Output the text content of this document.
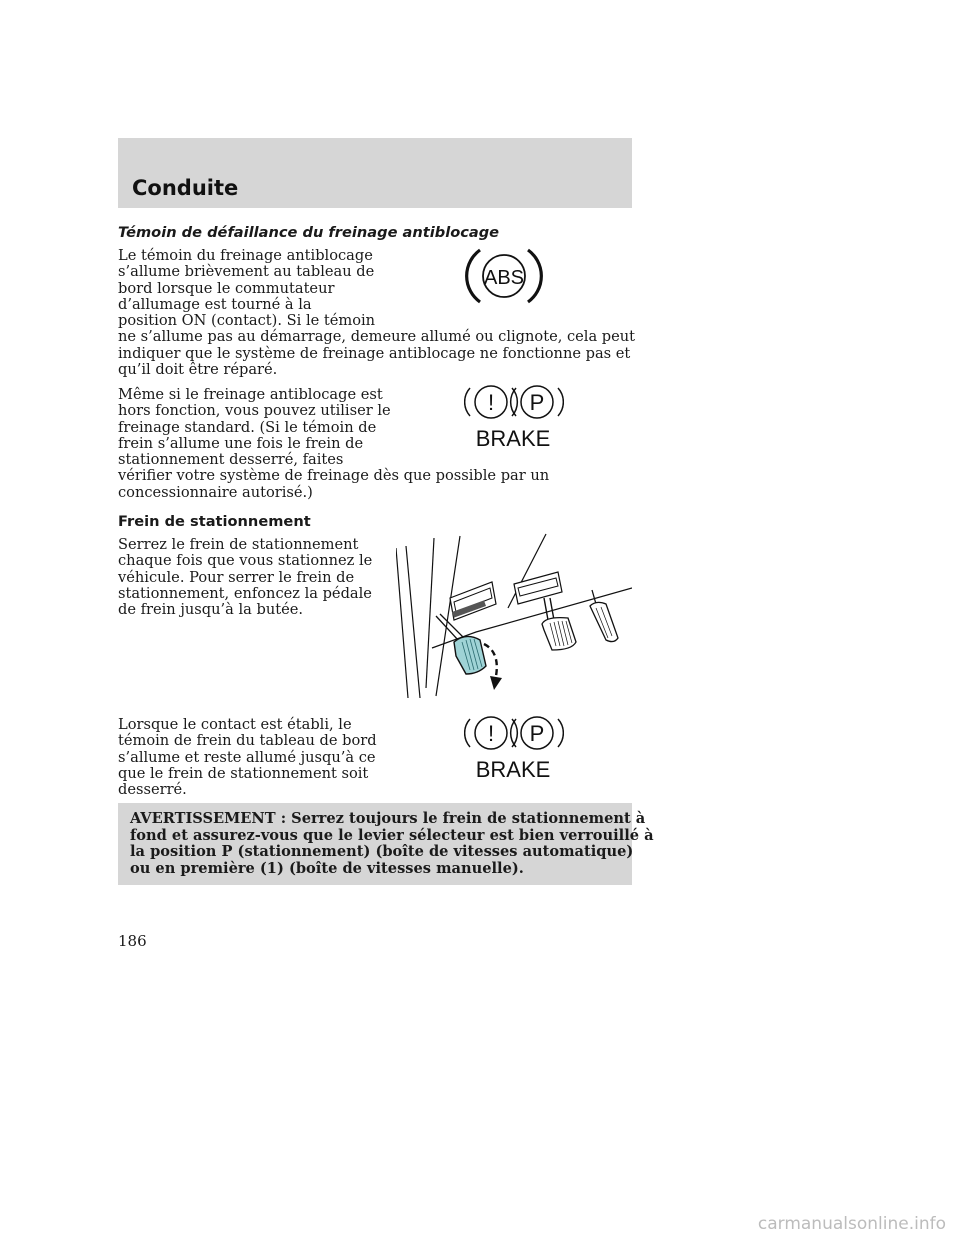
Conduite
Témoin de défaillance du freinage antiblocage
Le témoin du freinage antiblocage
s’allume brièvement au tableau de
bord lorsque le commutateur
d’allumage est tourné à la
position ON (contact). Si le témoin
ne s’allume pas au démarrage, demeure allumé ou clignote, cela peut
indiquer que le système de freinage antiblocage ne fonctionne pas et
qu’il doit être réparé.
ABS
Même si le freinage antiblocage est
hors fonction, vous pouvez utiliser le
freinage standard. (Si le témoin de
frein s’allume une fois le frein de
stationnement desserré, faites
vérifier votre système de freinage dès que possible par un
concessionnaire autorisé.)
! P
BRAKE
Frein de stationnement
Serrez le frein de stationnement
chaque fois que vous stationnez le
véhicule. Pour serrer le frein de
stationnement, enfoncez la pédale
de frein jusqu’à la butée.
Lorsque le contact est établi, le
témoin de frein du tableau de bord
s’allume et reste allumé jusqu’à ce
que le frein de stationnement soit
desserré.
! P
BRAKE
AVERTISSEMENT : Serrez toujours le frein de stationnement à
fond et assurez-vous que le levier sélecteur est bien verrouillé à
la position P (stationnement) (boîte de vitesses automatique)
ou en première (1) (boîte de vitesses manuelle).
186
carmanualsonline.info
